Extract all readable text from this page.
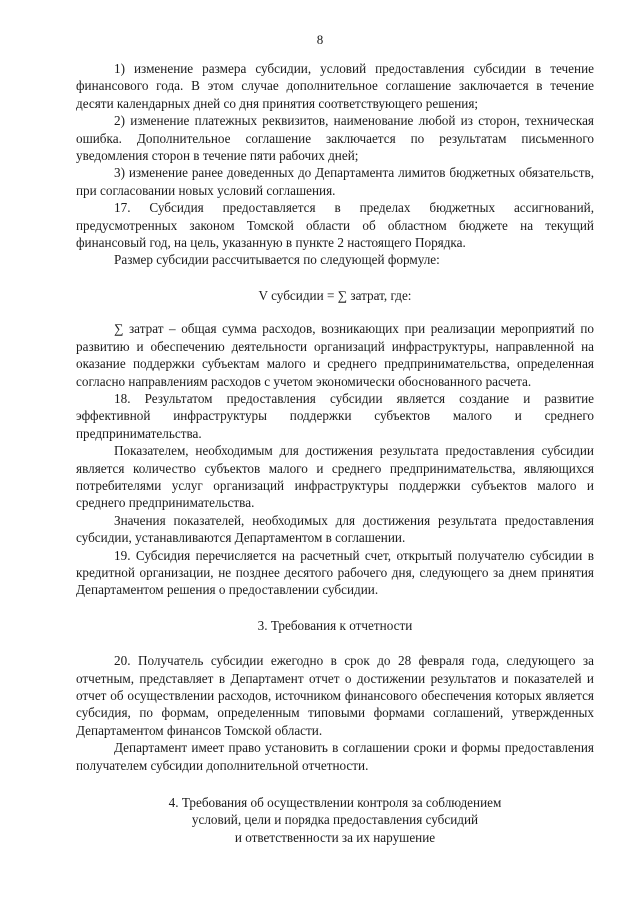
8

1) изменение размера субсидии, условий предоставления субсидии в течение финансового года. В этом случае дополнительное соглашение заключается в течение десяти календарных дней со дня принятия соответствующего решения;

2) изменение платежных реквизитов, наименование любой из сторон, техническая ошибка. Дополнительное соглашение заключается по результатам письменного уведомления сторон в течение пяти рабочих дней;

3) изменение ранее доведенных до Департамента лимитов бюджетных обязательств, при согласовании новых условий соглашения.

17. Субсидия предоставляется в пределах бюджетных ассигнований, предусмотренных законом Томской области об областном бюджете на текущий финансовый год, на цель, указанную в пункте 2 настоящего Порядка.

Размер субсидии рассчитывается по следующей формуле:

V субсидии = ∑ затрат, где:

∑ затрат – общая сумма расходов, возникающих при реализации мероприятий по развитию и обеспечению деятельности организаций инфраструктуры, направленной на оказание поддержки субъектам малого и среднего предпринимательства, определенная согласно направлениям расходов с учетом экономически обоснованного расчета.

18. Результатом предоставления субсидии является создание и развитие эффективной инфраструктуры поддержки субъектов малого и среднего предпринимательства.

Показателем, необходимым для достижения результата предоставления субсидии является количество субъектов малого и среднего предпринимательства, являющихся потребителями услуг организаций инфраструктуры поддержки субъектов малого и среднего предпринимательства.

Значения показателей, необходимых для достижения результата предоставления субсидии, устанавливаются Департаментом в соглашении.

19. Субсидия перечисляется на расчетный счет, открытый получателю субсидии в кредитной организации, не позднее десятого рабочего дня, следующего за днем принятия Департаментом решения о предоставлении субсидии.

3. Требования к отчетности

20. Получатель субсидии ежегодно в срок до 28 февраля года, следующего за отчетным, представляет в Департамент отчет о достижении результатов и показателей и отчет об осуществлении расходов, источником финансового обеспечения которых является субсидия, по формам, определенным типовыми формами соглашений, утвержденных Департаментом финансов Томской области.

Департамент имеет право установить в соглашении сроки и формы предоставления получателем субсидии дополнительной отчетности.

4. Требования об осуществлении контроля за соблюдением
условий, цели и порядка предоставления субсидий
и ответственности за их нарушение
